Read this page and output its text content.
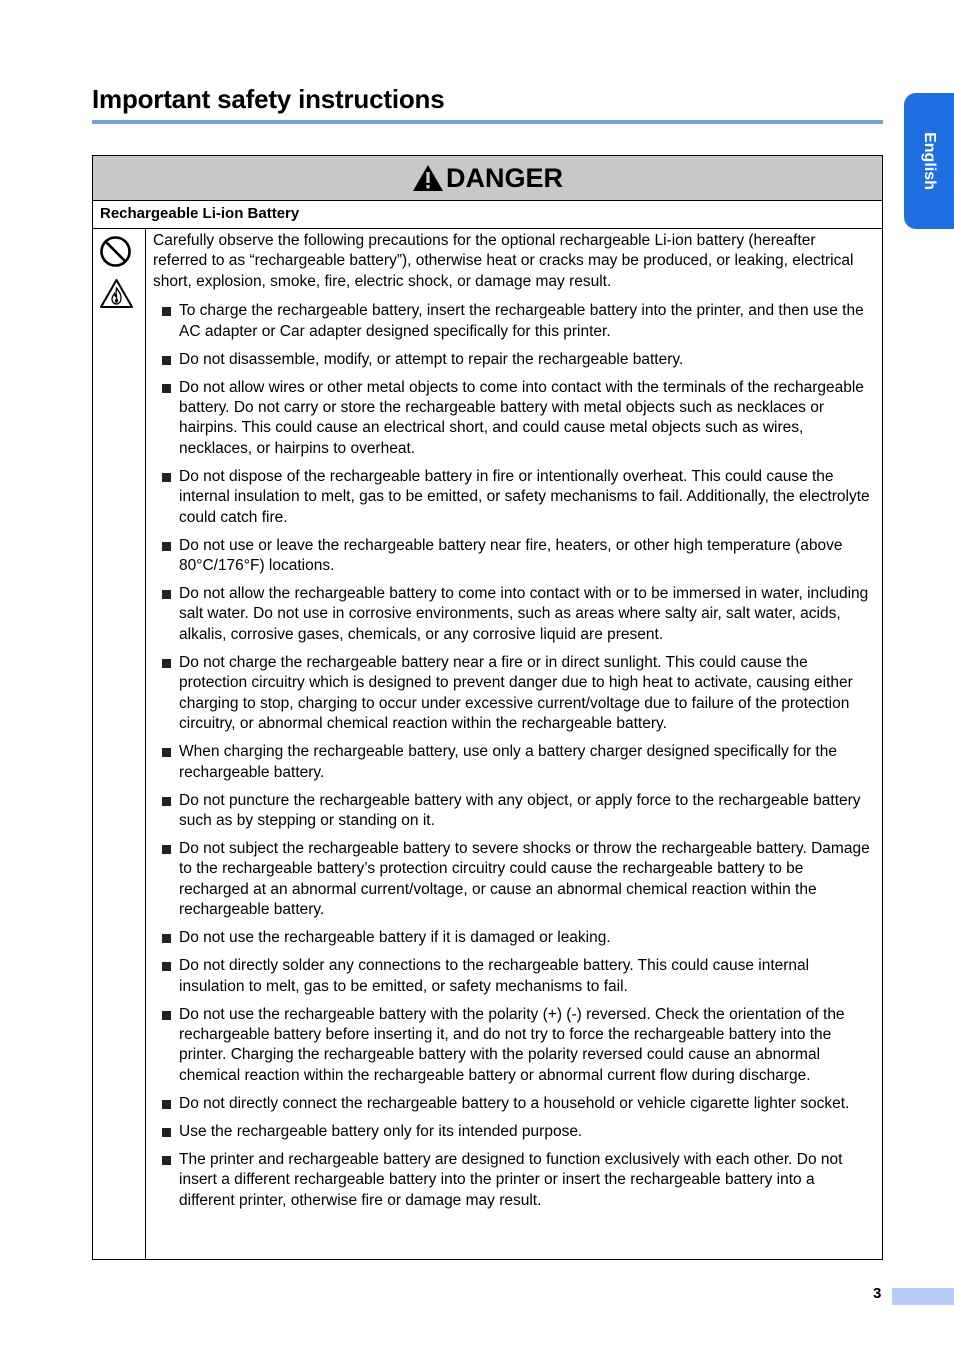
Important safety instructions
English
DANGER
Rechargeable Li-ion Battery

Carefully observe the following precautions for the optional rechargeable Li-ion battery (hereafter referred to as “rechargeable battery”), otherwise heat or cracks may be produced, or leaking, electrical short, explosion, smoke, fire, electric shock, or damage may result.

To charge the rechargeable battery, insert the rechargeable battery into the printer, and then use the AC adapter or Car adapter designed specifically for this printer.
Do not disassemble, modify, or attempt to repair the rechargeable battery.
Do not allow wires or other metal objects to come into contact with the terminals of the rechargeable battery. Do not carry or store the rechargeable battery with metal objects such as necklaces or hairpins. This could cause an electrical short, and could cause metal objects such as wires, necklaces, or hairpins to overheat.
Do not dispose of the rechargeable battery in fire or intentionally overheat. This could cause the internal insulation to melt, gas to be emitted, or safety mechanisms to fail. Additionally, the electrolyte could catch fire.
Do not use or leave the rechargeable battery near fire, heaters, or other high temperature (above 80°C/176°F) locations.
Do not allow the rechargeable battery to come into contact with or to be immersed in water, including salt water. Do not use in corrosive environments, such as areas where salty air, salt water, acids, alkalis, corrosive gases, chemicals, or any corrosive liquid are present.
Do not charge the rechargeable battery near a fire or in direct sunlight. This could cause the protection circuitry which is designed to prevent danger due to high heat to activate, causing either charging to stop, charging to occur under excessive current/voltage due to failure of the protection circuitry, or abnormal chemical reaction within the rechargeable battery.
When charging the rechargeable battery, use only a battery charger designed specifically for the rechargeable battery.
Do not puncture the rechargeable battery with any object, or apply force to the rechargeable battery such as by stepping or standing on it.
Do not subject the rechargeable battery to severe shocks or throw the rechargeable battery. Damage to the rechargeable battery’s protection circuitry could cause the rechargeable battery to be recharged at an abnormal current/voltage, or cause an abnormal chemical reaction within the rechargeable battery.
Do not use the rechargeable battery if it is damaged or leaking.
Do not directly solder any connections to the rechargeable battery. This could cause internal insulation to melt, gas to be emitted, or safety mechanisms to fail.
Do not use the rechargeable battery with the polarity (+) (-) reversed. Check the orientation of the rechargeable battery before inserting it, and do not try to force the rechargeable battery into the printer. Charging the rechargeable battery with the polarity reversed could cause an abnormal chemical reaction within the rechargeable battery or abnormal current flow during discharge.
Do not directly connect the rechargeable battery to a household or vehicle cigarette lighter socket.
Use the rechargeable battery only for its intended purpose.
The printer and rechargeable battery are designed to function exclusively with each other. Do not insert a different rechargeable battery into the printer or insert the rechargeable battery into a different printer, otherwise fire or damage may result.
3
